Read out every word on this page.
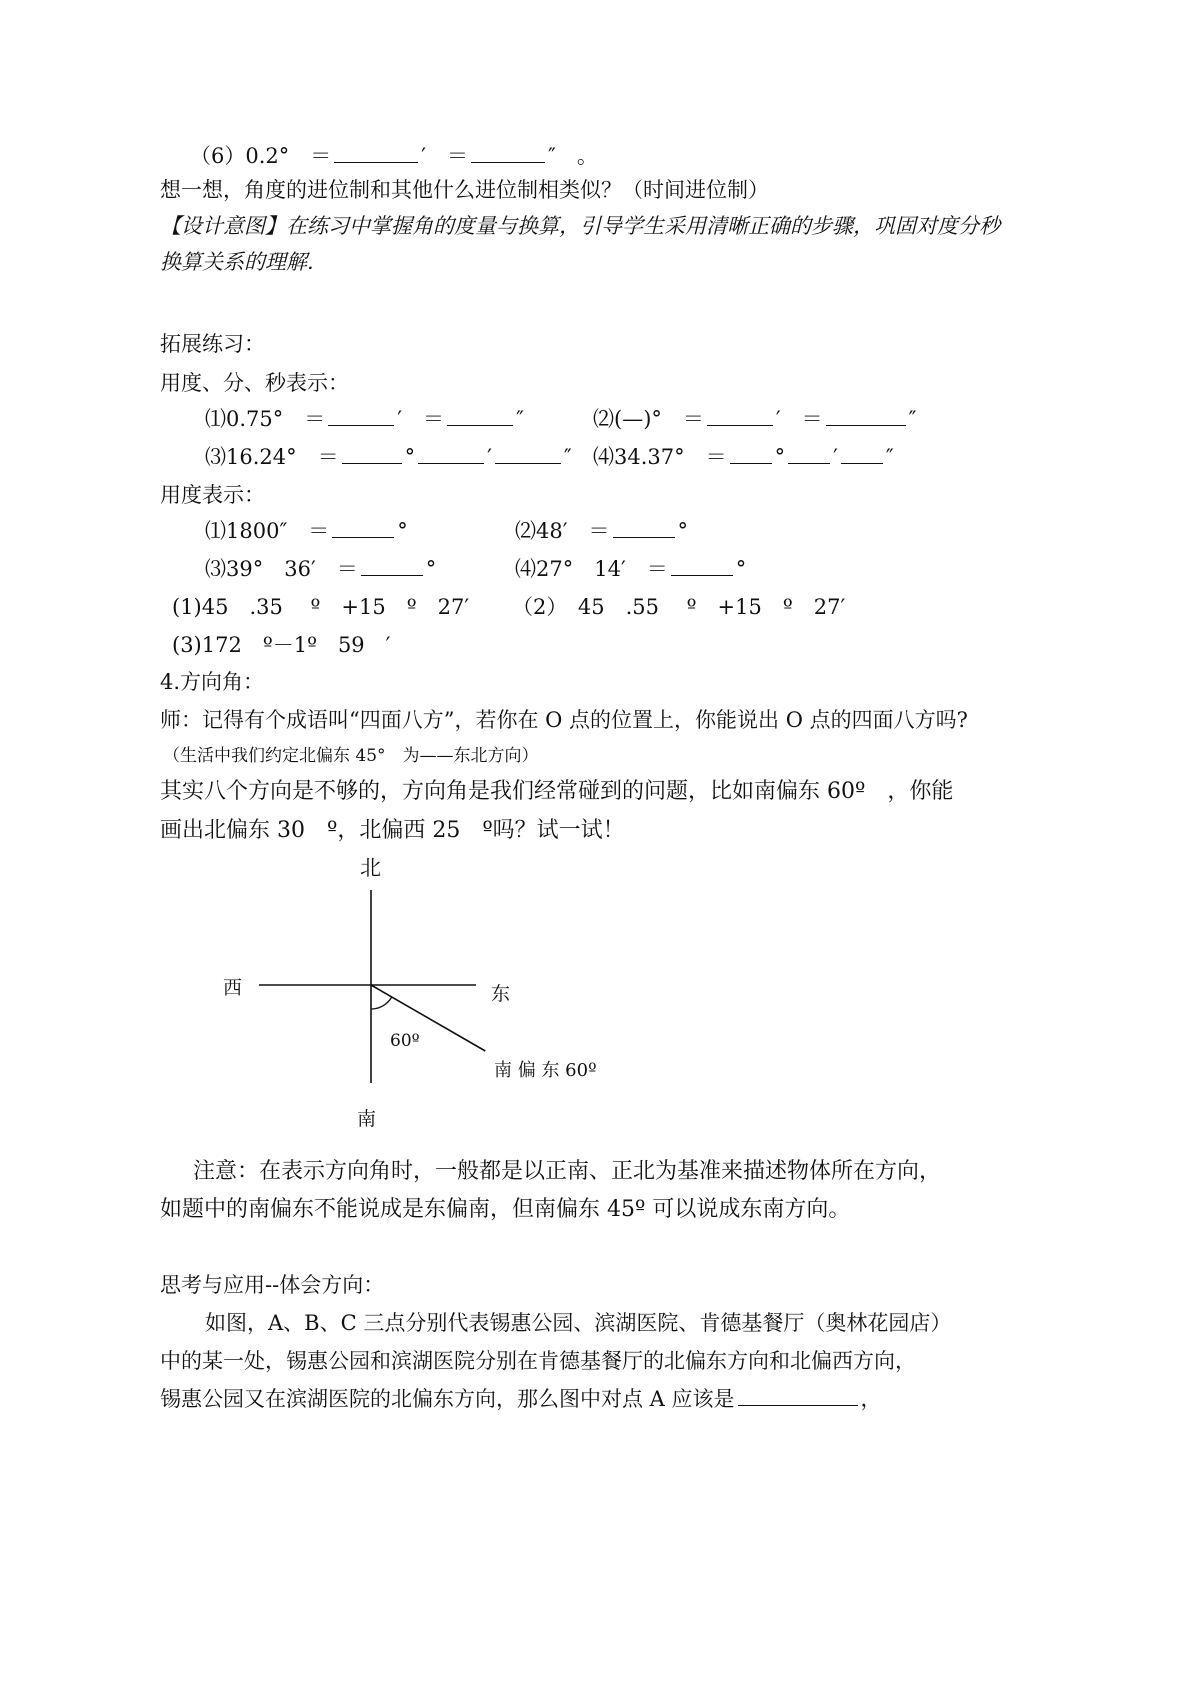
（6）0.2°　＝	′　＝	″　。
想一想，角度的进位制和其他什么进位制相类似？（时间进位制）
【设计意图】在练习中掌握角的度量与换算，引导学生采用清晰正确的步骤，巩固对度分秒
换算关系的理解.
拓展练习：
用度、分、秒表示：
⑴0.75°　＝	′　＝	″	⑵(—)°　＝	′　＝	″
⑶16.24°　＝	°	′	″ ⑷34.37°　＝ ° ′ ″
用度表示：
⑴1800″　＝	°	⑵48′　＝	°
⑶39°　36′　＝	°	⑷27°　14′　＝	°
(1)45　.35　 º　+15　º　27′ （2）　45　.55　 º　+15　º　27′
(3)172　º－1º　59　′
4.方向角：
师：记得有个成语叫“四面八方”，若你在 O 点的位置上，你能说出 O 点的四面八方吗?
（生活中我们约定北偏东 45°　为——东北方向）
其实八个方向是不够的，方向角是我们经常碰到的问题，比如南偏东 60º　，你能
画出北偏东 30　º，北偏西 25　º吗？试一试！
北
南
西	东
60º
南 偏 东 60º
注意：在表示方向角时，一般都是以正南、正北为基准来描述物体所在方向，
如题中的南偏东不能说成是东偏南，但南偏东 45º 可以说成东南方向。
思考与应用--体会方向：
如图，A、B、C 三点分别代表锡惠公园、滨湖医院、肯德基餐厅（奥林花园店）
中的某一处，锡惠公园和滨湖医院分别在肯德基餐厅的北偏东方向和北偏西方向，
锡惠公园又在滨湖医院的北偏东方向，那么图中对点 A 应该是	，
